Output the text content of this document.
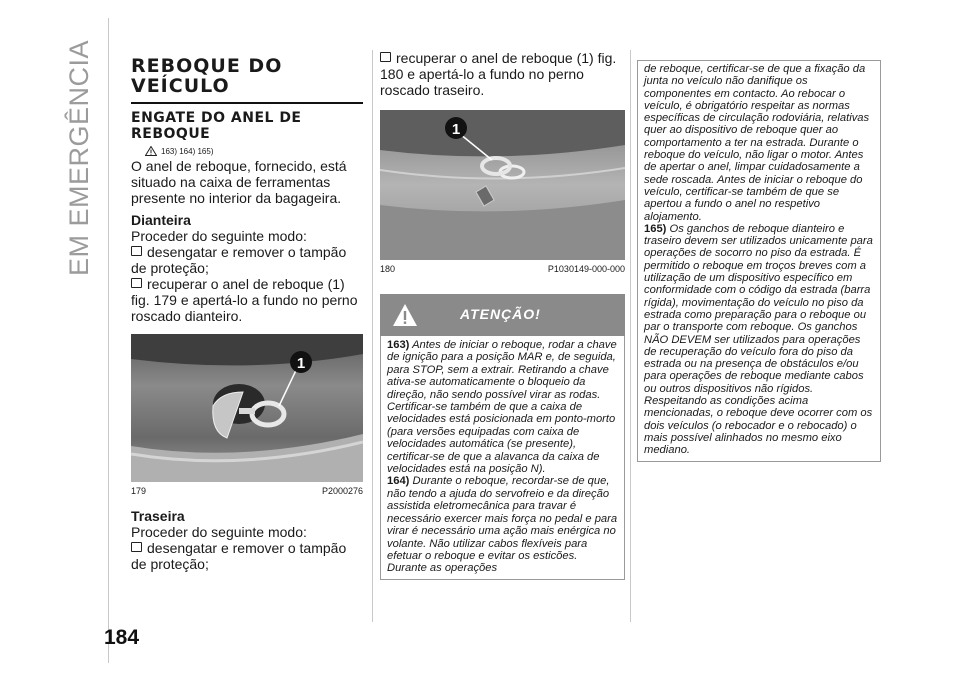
EM EMERGÊNCIA
184
REBOQUE DO
VEÍCULO
ENGATE DO ANEL DE
REBOQUE
163) 164) 165)

O anel de reboque, fornecido, está situado na caixa de ferramentas presente no interior da bagageira.

Dianteira

Proceder do seguinte modo:

desengatar e remover o tampão de proteção;

recuperar o anel de reboque (1) fig. 179 e apertá-lo a fundo no perno roscado dianteiro.

1
179	P2000276
Traseira

Proceder do seguinte modo:

desengatar e remover o tampão de proteção;

recuperar o anel de reboque (1) fig. 180 e apertá-lo a fundo no perno roscado traseiro.

1
180	P1030149-000-000
ATENÇÃO!
163) Antes de iniciar o reboque, rodar a chave de ignição para a posição MAR e, de seguida, para STOP, sem a extrair. Retirando a chave ativa-se automaticamente o bloqueio da direção, não sendo possível virar as rodas. Certificar-se também de que a caixa de velocidades está posicionada em ponto-morto (para versões equipadas com caixa de velocidades automática (se presente), certificar-se de que a alavanca da caixa de velocidades está na posição N).
164) Durante o reboque, recordar-se de que, não tendo a ajuda do servofreio e da direção assistida eletromecânica para travar é necessário exercer mais força no pedal e para virar é necessário uma ação mais enérgica no volante. Não utilizar cabos flexíveis para efetuar o reboque e evitar os esticões. Durante as operações
de reboque, certificar-se de que a fixação da junta no veículo não danifique os componentes em contacto. Ao rebocar o veículo, é obrigatório respeitar as normas específicas de circulação rodoviária, relativas quer ao dispositivo de reboque quer ao comportamento a ter na estrada. Durante o reboque do veículo, não ligar o motor. Antes de apertar o anel, limpar cuidadosamente a sede roscada. Antes de iniciar o reboque do veículo, certificar-se também de que se apertou a fundo o anel no respetivo alojamento.
165) Os ganchos de reboque dianteiro e traseiro devem ser utilizados unicamente para operações de socorro no piso da estrada. É permitido o reboque em troços breves com a utilização de um dispositivo específico em conformidade com o código da estrada (barra rígida), movimentação do veículo no piso da estrada como preparação para o reboque ou par o transporte com reboque. Os ganchos NÃO DEVEM ser utilizados para operações de recuperação do veículo fora do piso da estrada ou na presença de obstáculos e/ou para operações de reboque mediante cabos ou outros dispositivos não rígidos. Respeitando as condições acima mencionadas, o reboque deve ocorrer com os dois veículos (o rebocador e o rebocado) o mais possível alinhados no mesmo eixo mediano.
